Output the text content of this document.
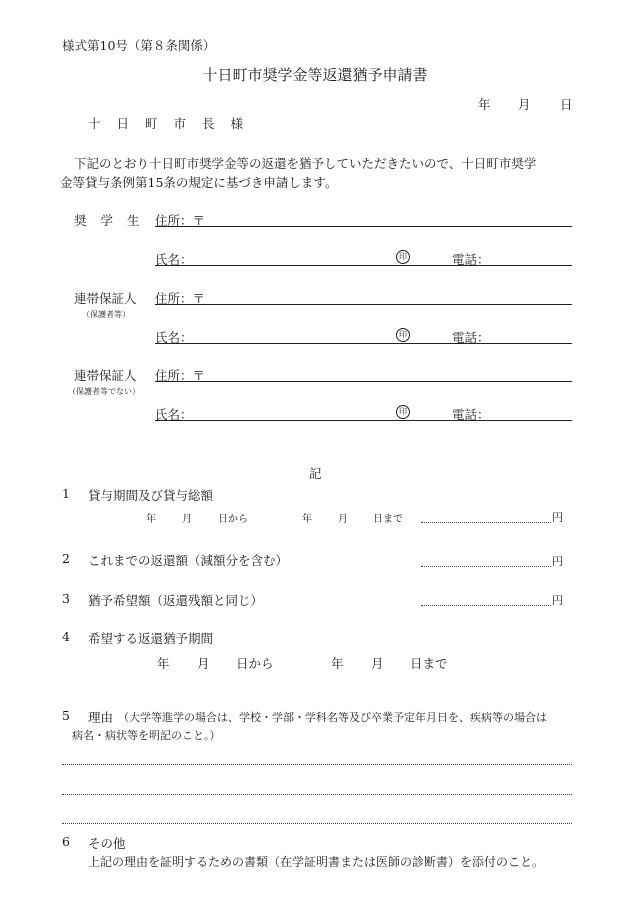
様式第10号（第８条関係）
十日町市奨学金等返還猶予申請書
年 月 日
十日町市長様
下記のとおり十日町市奨学金等の返還を猶予していただきたいので、十日町市奨学
金等貸与条例第15条の規定に基づき申請します。
奨学生 住所：〒
氏名：	印	電話：
連帯保証人
（保護者等）
住所：〒
氏名：	印	電話：
連帯保証人
（保護者等でない）
住所：〒
氏名：	印	電話：
記
1 貸与期間及び貸与総額
年	月	日から	年	月	日まで	円
2 これまでの返還額（減額分を含む）	円
3 猶予希望額（返還残額と同じ）	円
4 希望する返還猶予期間
年 月 日から	年 月 日まで
5 理由 （大学等進学の場合は、学校・学部・学科名等及び卒業予定年月日を、疾病等の場合は
病名・病状等を明記のこと。）
6 その他
上記の理由を証明するための書類（在学証明書または医師の診断書）を添付のこと。
